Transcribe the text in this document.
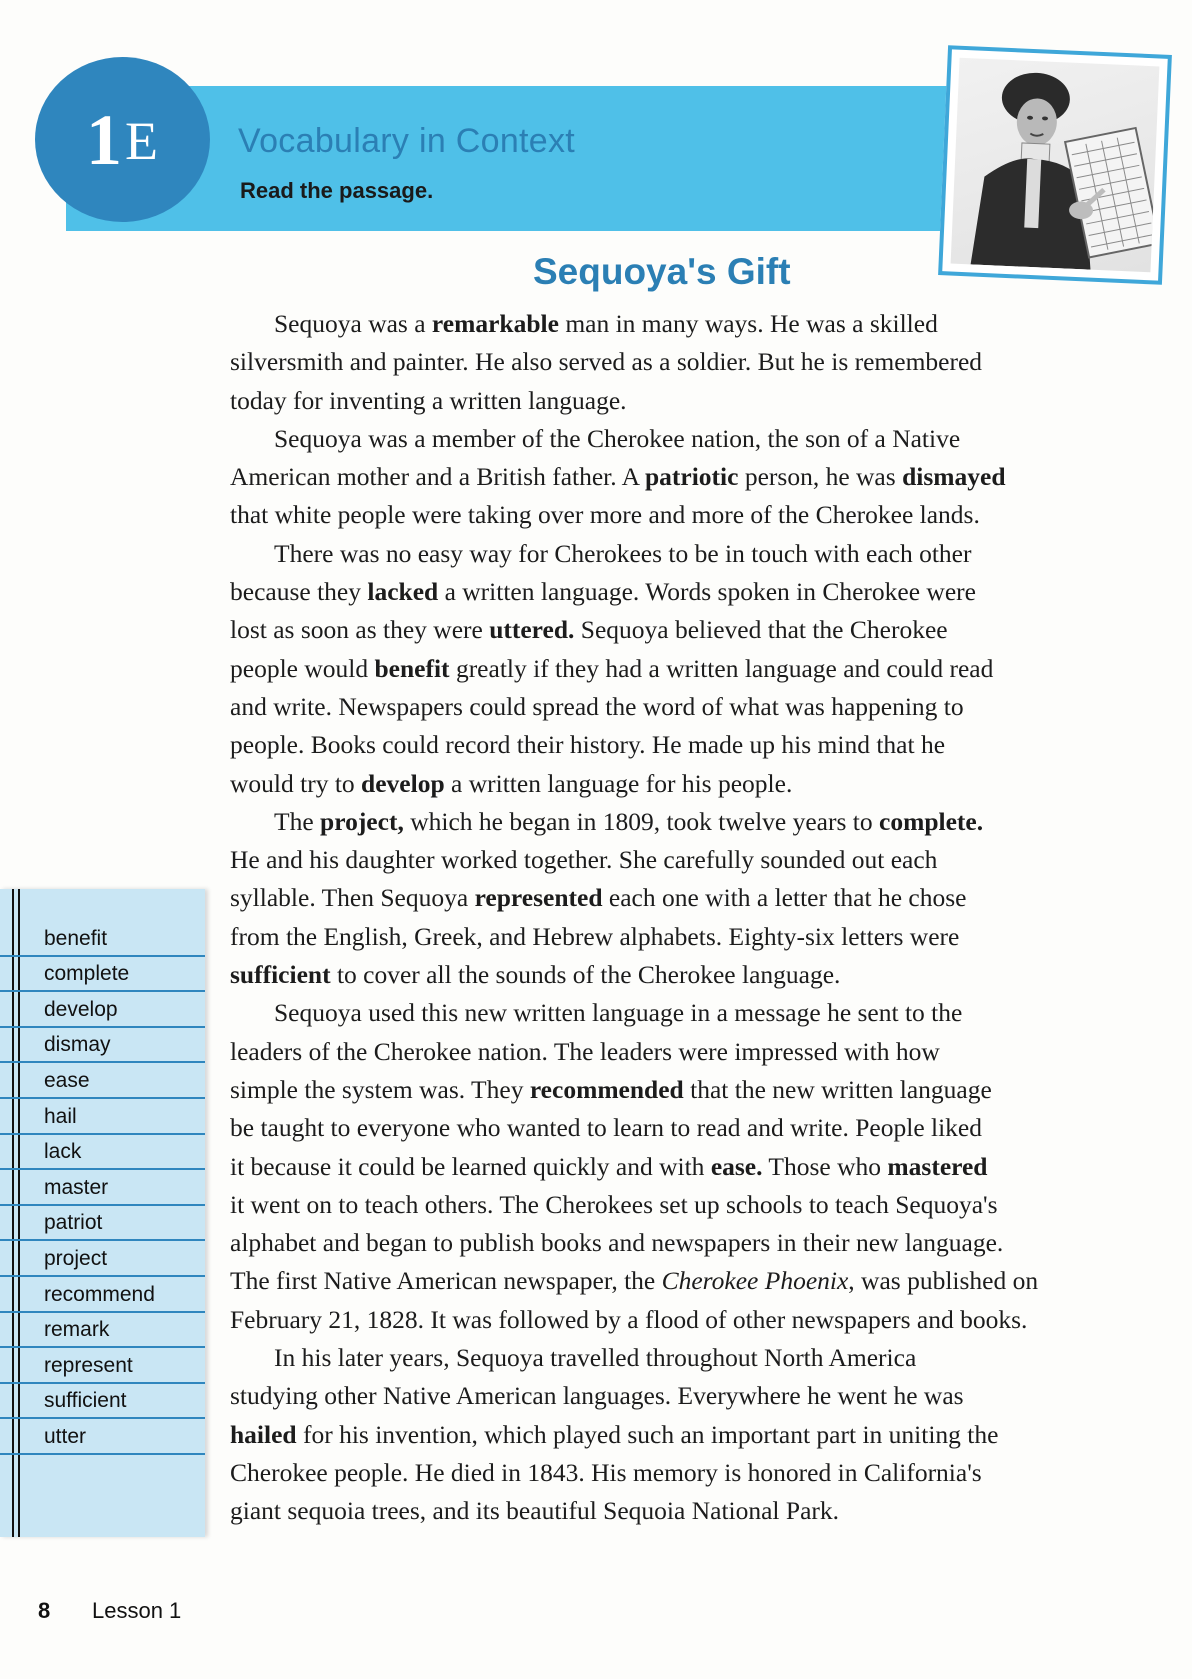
1 E Vocabulary in Context
Read the passage.
Sequoya's Gift

Sequoya was a remarkable man in many ways. He was a skilled
silversmith and painter. He also served as a soldier. But he is remembered
today for inventing a written language.

Sequoya was a member of the Cherokee nation, the son of a Native
American mother and a British father. A patriotic person, he was dismayed
that white people were taking over more and more of the Cherokee lands.

There was no easy way for Cherokees to be in touch with each other
because they lacked a written language. Words spoken in Cherokee were
lost as soon as they were uttered. Sequoya believed that the Cherokee
people would benefit greatly if they had a written language and could read
and write. Newspapers could spread the word of what was happening to
people. Books could record their history. He made up his mind that he
would try to develop a written language for his people.

The project, which he began in 1809, took twelve years to complete.
He and his daughter worked together. She carefully sounded out each
syllable. Then Sequoya represented each one with a letter that he chose
from the English, Greek, and Hebrew alphabets. Eighty-six letters were
sufficient to cover all the sounds of the Cherokee language.

Sequoya used this new written language in a message he sent to the
leaders of the Cherokee nation. The leaders were impressed with how
simple the system was. They recommended that the new written language
be taught to everyone who wanted to learn to read and write. People liked
it because it could be learned quickly and with ease. Those who mastered
it went on to teach others. The Cherokees set up schools to teach Sequoya's
alphabet and began to publish books and newspapers in their new language.
The first Native American newspaper, the Cherokee Phoenix, was published on
February 21, 1828. It was followed by a flood of other newspapers and books.

In his later years, Sequoya travelled throughout North America
studying other Native American languages. Everywhere he went he was
hailed for his invention, which played such an important part in uniting the
Cherokee people. He died in 1843. His memory is honored in California's
giant sequoia trees, and its beautiful Sequoia National Park.

benefit
complete
develop
dismay
ease
hail
lack
master
patriot
project
recommend
remark
represent
sufficient
utter
8 Lesson 1
